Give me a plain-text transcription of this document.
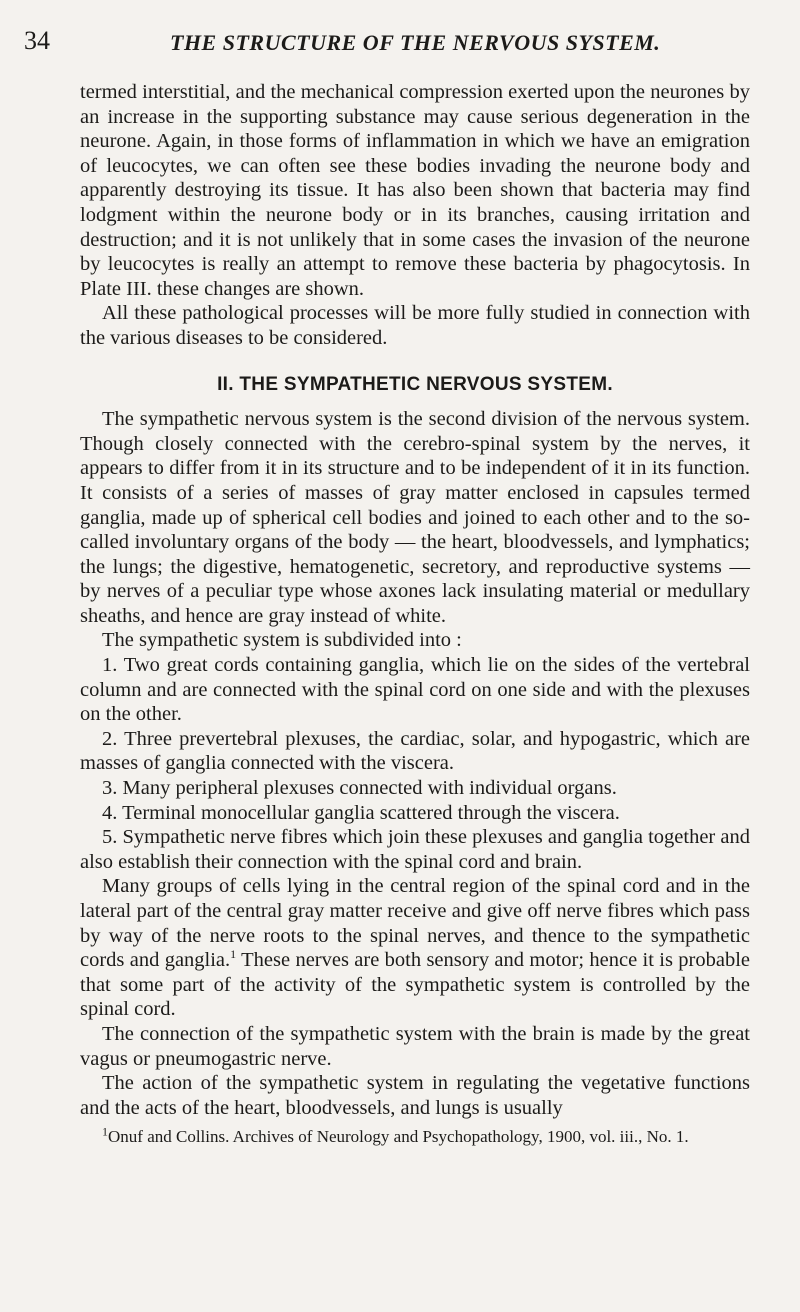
34	THE STRUCTURE OF THE NERVOUS SYSTEM.

termed interstitial, and the mechanical compression exerted upon the neurones by an increase in the supporting substance may cause serious degeneration in the neurone. Again, in those forms of inflammation in which we have an emigration of leucocytes, we can often see these bodies invading the neurone body and apparently destroying its tissue. It has also been shown that bacteria may find lodgment within the neurone body or in its branches, causing irritation and destruction; and it is not unlikely that in some cases the invasion of the neurone by leucocytes is really an attempt to remove these bacteria by phagocytosis. In Plate III. these changes are shown.

All these pathological processes will be more fully studied in connection with the various diseases to be considered.

II. THE SYMPATHETIC NERVOUS SYSTEM.

The sympathetic nervous system is the second division of the nervous system. Though closely connected with the cerebro-spinal system by the nerves, it appears to differ from it in its structure and to be independent of it in its function. It consists of a series of masses of gray matter enclosed in capsules termed ganglia, made up of spherical cell bodies and joined to each other and to the so-called involuntary organs of the body — the heart, bloodvessels, and lymphatics; the lungs; the digestive, hematogenetic, secretory, and reproductive systems — by nerves of a peculiar type whose axones lack insulating material or medullary sheaths, and hence are gray instead of white.

The sympathetic system is subdivided into :

1. Two great cords containing ganglia, which lie on the sides of the vertebral column and are connected with the spinal cord on one side and with the plexuses on the other.

2. Three prevertebral plexuses, the cardiac, solar, and hypogastric, which are masses of ganglia connected with the viscera.

3. Many peripheral plexuses connected with individual organs.

4. Terminal monocellular ganglia scattered through the viscera.

5. Sympathetic nerve fibres which join these plexuses and ganglia together and also establish their connection with the spinal cord and brain.

Many groups of cells lying in the central region of the spinal cord and in the lateral part of the central gray matter receive and give off nerve fibres which pass by way of the nerve roots to the spinal nerves, and thence to the sympathetic cords and ganglia.$^1$ These nerves are both sensory and motor; hence it is probable that some part of the activity of the sympathetic system is controlled by the spinal cord.

The connection of the sympathetic system with the brain is made by the great vagus or pneumogastric nerve.

The action of the sympathetic system in regulating the vegetative functions and the acts of the heart, bloodvessels, and lungs is usually

$^1$Onuf and Collins. Archives of Neurology and Psychopathology, 1900, vol. iii., No. 1.
